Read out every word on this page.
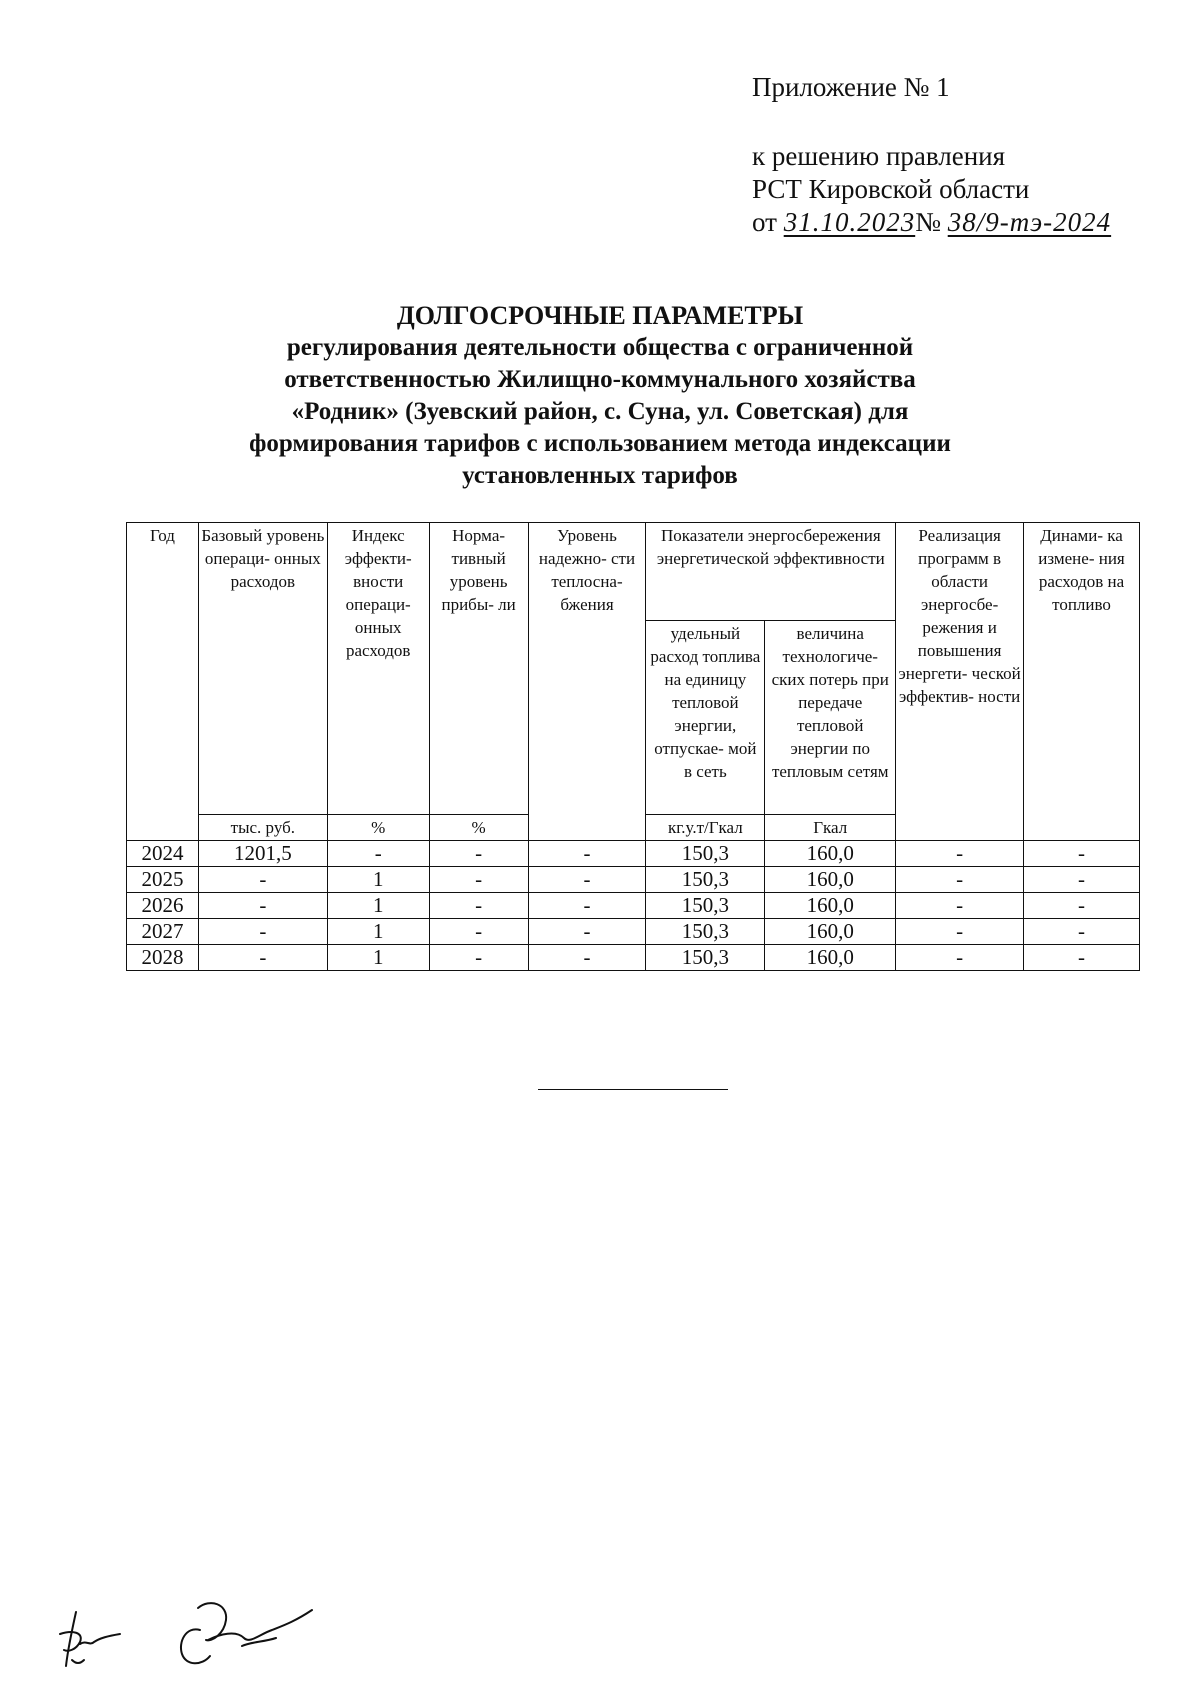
Приложение № 1
к решению правления
РСТ Кировской области
от 31.10.2023№ 38/9-тэ-2024
ДОЛГОСРОЧНЫЕ ПАРАМЕТРЫ
регулирования деятельности общества с ограниченной
ответственностью Жилищно-коммунального хозяйства
«Родник» (Зуевский район, с. Суна, ул. Советская) для
формирования тарифов с использованием метода индексации
установленных тарифов
Год	Базовый уровень операци- онных расходов	Индекс эффекти- вности операци- онных расходов	Норма- тивный уровень прибы- ли	Уровень надежно- сти теплосна- бжения	Показатели энергосбережения энергетической эффективности		Реализация программ в области энергосбе- режения и повышения энергети- ческой эффектив- ности	Динами- ка измене- ния расходов на топливо
					удельный расход топлива на единицу тепловой энергии, отпускае- мой в сеть	величина технологиче- ских потерь при передаче тепловой энергии по тепловым сетям		
	тыс. руб.	%	%		кг.у.т/Гкал	Гкал		
2024	1201,5	-	-	-	150,3	160,0	-	-
2025	-	1	-	-	150,3	160,0	-	-
2026	-	1	-	-	150,3	160,0	-	-
2027	-	1	-	-	150,3	160,0	-	-
2028	-	1	-	-	150,3	160,0	-	-
